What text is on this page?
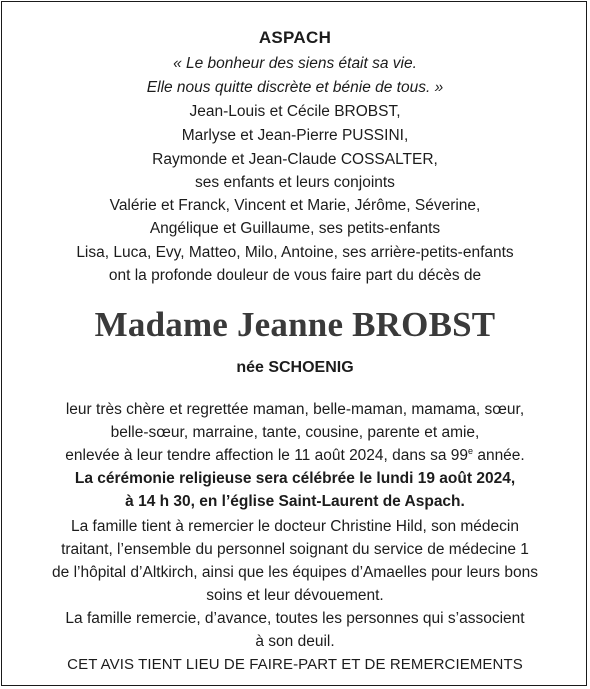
ASPACH
« Le bonheur des siens était sa vie.
Elle nous quitte discrète et bénie de tous. »
Jean-Louis et Cécile BROBST,
Marlyse et Jean-Pierre PUSSINI,
Raymonde et Jean-Claude COSSALTER,
ses enfants et leurs conjoints
Valérie et Franck, Vincent et Marie, Jérôme, Séverine,
Angélique et Guillaume, ses petits-enfants
Lisa, Luca, Evy, Matteo, Milo, Antoine, ses arrière-petits-enfants
ont la profonde douleur de vous faire part du décès de
Madame Jeanne BROBST
née SCHOENIG
leur très chère et regrettée maman, belle-maman, mamama, sœur,
belle-sœur, marraine, tante, cousine, parente et amie,
enlevée à leur tendre affection le 11 août 2024, dans sa 99e année.
La cérémonie religieuse sera célébrée le lundi 19 août 2024,
à 14 h 30, en l’église Saint-Laurent de Aspach.
La famille tient à remercier le docteur Christine Hild, son médecin
traitant, l’ensemble du personnel soignant du service de médecine 1
de l’hôpital d’Altkirch, ainsi que les équipes d’Amaelles pour leurs bons
soins et leur dévouement.
La famille remercie, d’avance, toutes les personnes qui s’associent
à son deuil.
CET AVIS TIENT LIEU DE FAIRE-PART ET DE REMERCIEMENTS
